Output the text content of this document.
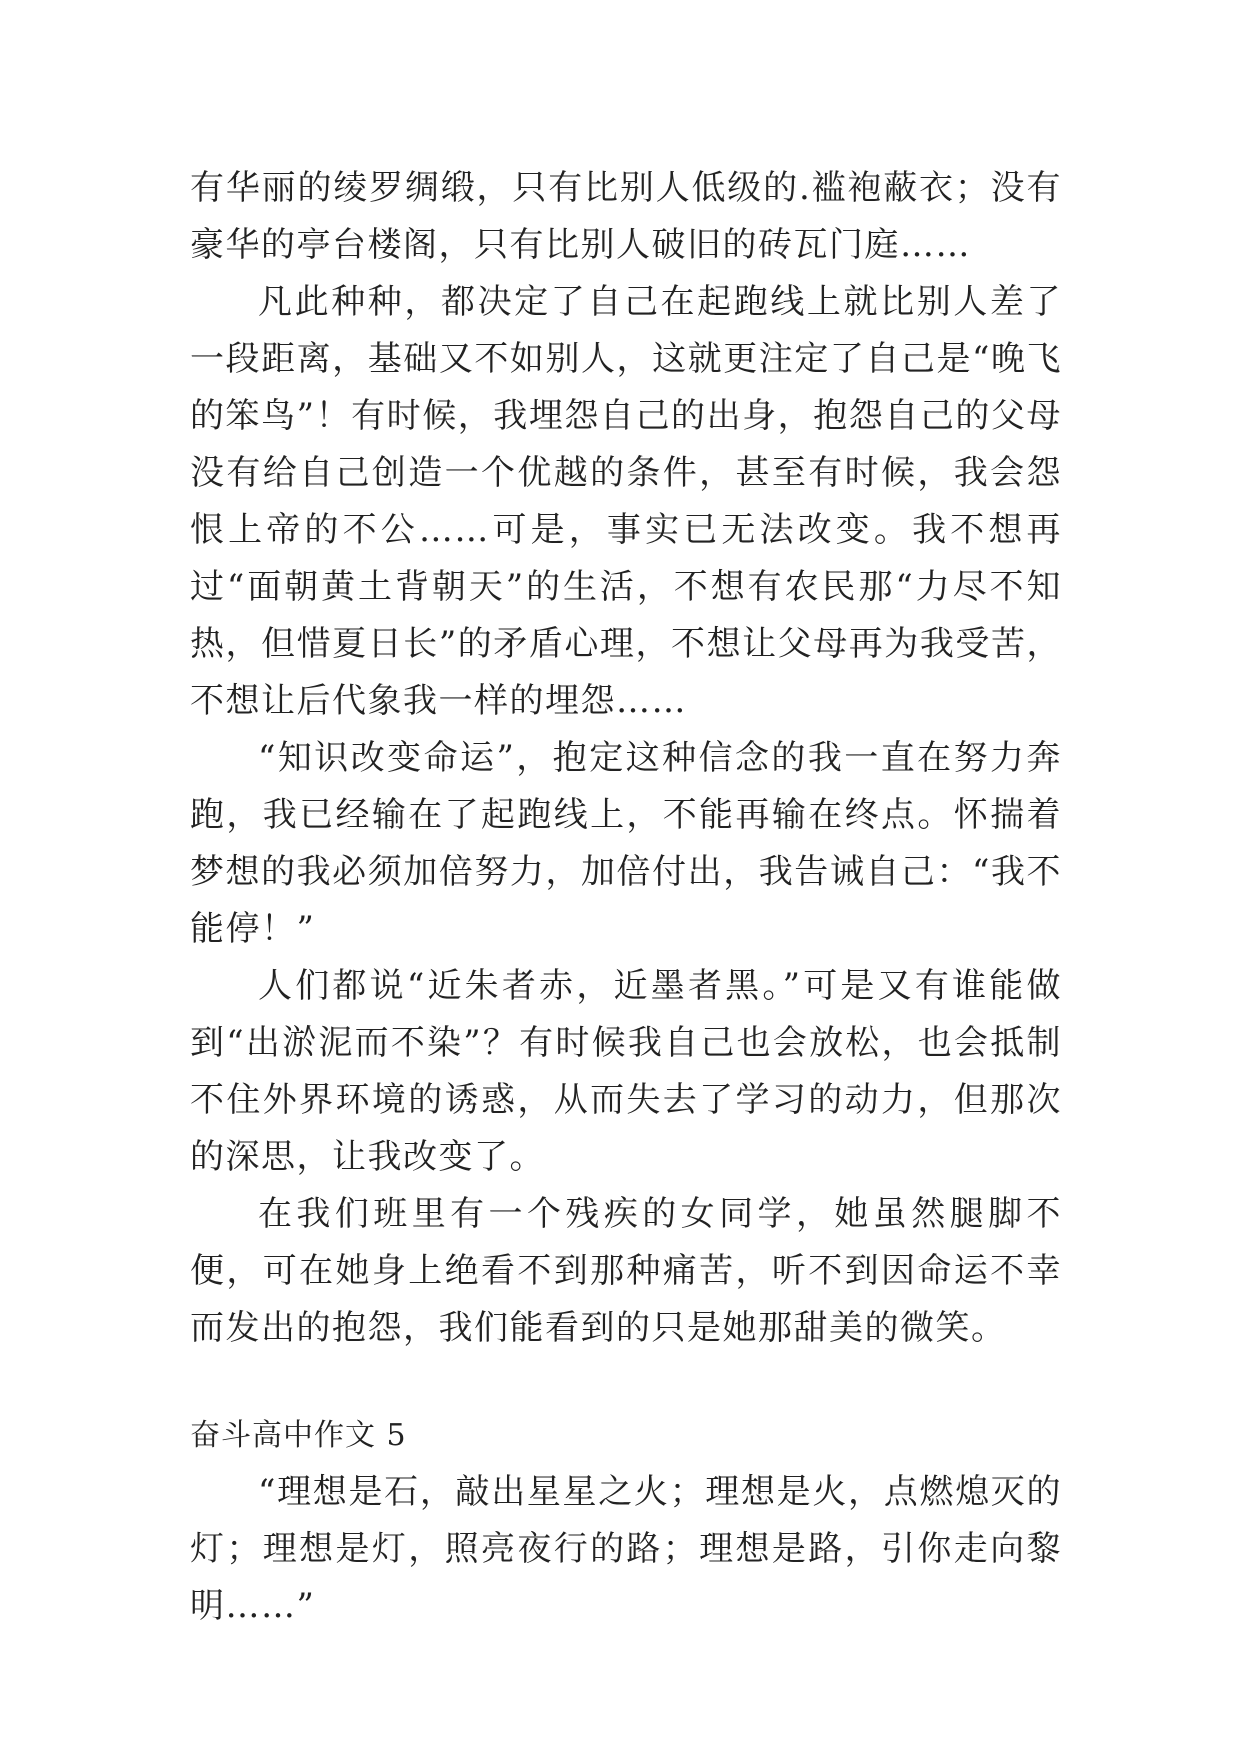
有华丽的绫罗绸缎，只有比别人低级的.褴袍蔽衣；没有豪华的亭台楼阁，只有比别人破旧的砖瓦门庭……

凡此种种，都决定了自己在起跑线上就比别人差了一段距离，基础又不如别人，这就更注定了自己是“晚飞的笨鸟”！有时候，我埋怨自己的出身，抱怨自己的父母没有给自己创造一个优越的条件，甚至有时候，我会怨恨上帝的不公……可是，事实已无法改变。我不想再过“面朝黄土背朝天”的生活，不想有农民那“力尽不知热，但惜夏日长”的矛盾心理，不想让父母再为我受苦，不想让后代象我一样的埋怨……

“知识改变命运”，抱定这种信念的我一直在努力奔跑，我已经输在了起跑线上，不能再输在终点。怀揣着梦想的我必须加倍努力，加倍付出，我告诫自己：“我不能停！”

人们都说“近朱者赤，近墨者黑。”可是又有谁能做到“出淤泥而不染”？有时候我自己也会放松，也会抵制不住外界环境的诱惑，从而失去了学习的动力，但那次的深思，让我改变了。

在我们班里有一个残疾的女同学，她虽然腿脚不便，可在她身上绝看不到那种痛苦，听不到因命运不幸而发出的抱怨，我们能看到的只是她那甜美的微笑。

奋斗高中作文 5

“理想是石，敲出星星之火；理想是火，点燃熄灭的灯；理想是灯，照亮夜行的路；理想是路，引你走向黎明……”
